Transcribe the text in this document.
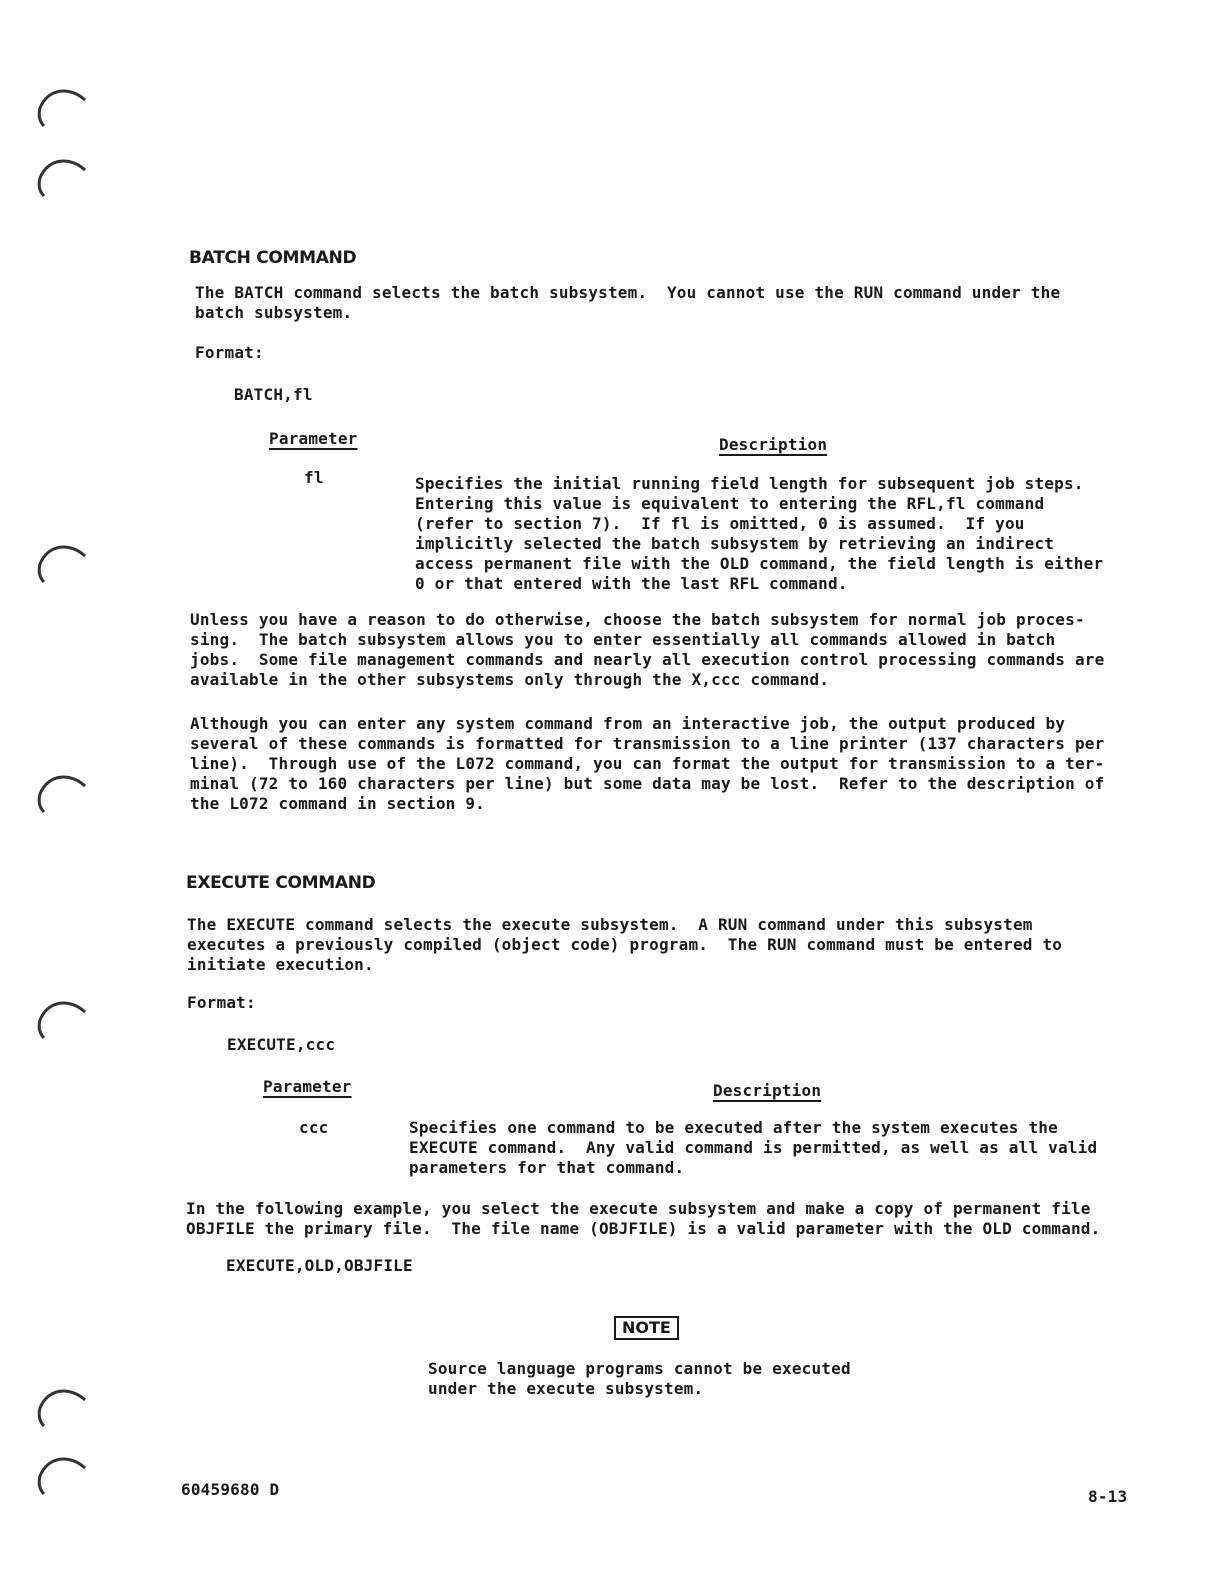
BATCH COMMAND
The BATCH command selects the batch subsystem.  You cannot use the RUN command under the
batch subsystem.
Format:
BATCH,fl
Parameter	Description
fl	Specifies the initial running field length for subsequent job steps.
Entering this value is equivalent to entering the RFL,fl command
(refer to section 7).  If fl is omitted, 0 is assumed.  If you
implicitly selected the batch subsystem by retrieving an indirect
access permanent file with the OLD command, the field length is either
0 or that entered with the last RFL command.
Unless you have a reason to do otherwise, choose the batch subsystem for normal job proces-
sing.  The batch subsystem allows you to enter essentially all commands allowed in batch
jobs.  Some file management commands and nearly all execution control processing commands are
available in the other subsystems only through the X,ccc command.
Although you can enter any system command from an interactive job, the output produced by
several of these commands is formatted for transmission to a line printer (137 characters per
line).  Through use of the L072 command, you can format the output for transmission to a ter-
minal (72 to 160 characters per line) but some data may be lost.  Refer to the description of
the L072 command in section 9.
EXECUTE COMMAND
The EXECUTE command selects the execute subsystem.  A RUN command under this subsystem
executes a previously compiled (object code) program.  The RUN command must be entered to
initiate execution.
Format:
EXECUTE,ccc
Parameter	Description
ccc	Specifies one command to be executed after the system executes the
EXECUTE command.  Any valid command is permitted, as well as all valid
parameters for that command.
In the following example, you select the execute subsystem and make a copy of permanent file
OBJFILE the primary file.  The file name (OBJFILE) is a valid parameter with the OLD command.
EXECUTE,OLD,OBJFILE
NOTE
Source language programs cannot be executed
under the execute subsystem.
60459680 D	8-13
